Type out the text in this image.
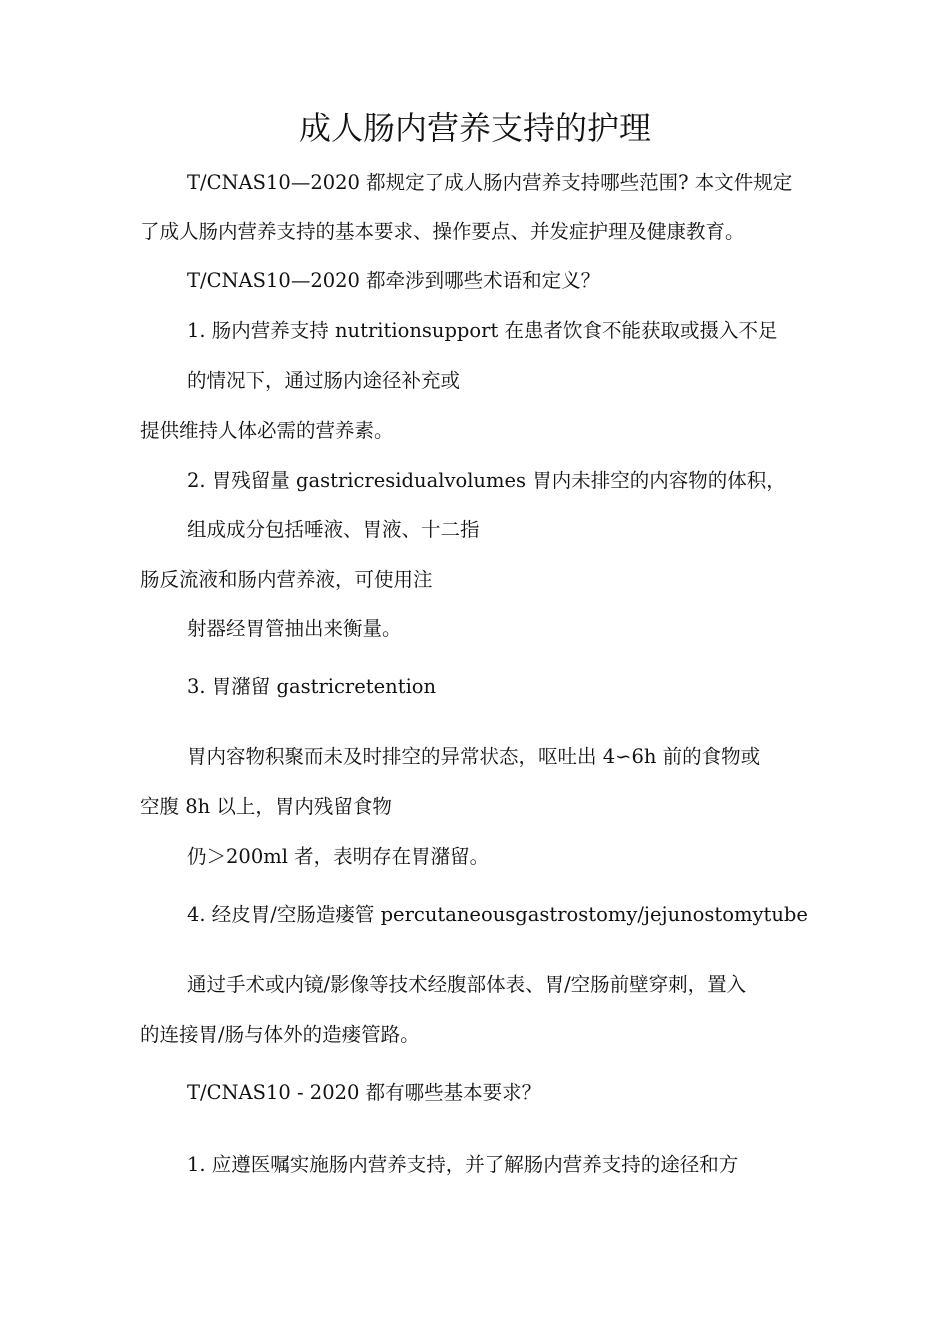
成人肠内营养支持的护理

T/CNAS10—2020 都规定了成人肠内营养支持哪些范围? 本文件规定

了成人肠内营养支持的基本要求、操作要点、并发症护理及健康教育。

T/CNAS10—2020 都牵涉到哪些术语和定义？

1. 肠内营养支持 nutritionsupport 在患者饮食不能获取或摄入不足

的情况下，通过肠内途径补充或

提供维持人体必需的营养素。

2. 胃残留量 gastricresidualvolumes 胃内未排空的内容物的体积，

组成成分包括唾液、胃液、十二指

肠反流液和肠内营养液，可使用注

射器经胃管抽出来衡量。

3. 胃潴留 gastricretention

胃内容物积聚而未及时排空的异常状态，呕吐出 4∽6h 前的食物或

空腹 8h 以上，胃内残留食物

仍＞200ml 者，表明存在胃潴留。

4. 经皮胃/空肠造瘘管 percutaneousgastrostomy/jejunostomytube

通过手术或内镜/影像等技术经腹部体表、胃/空肠前壁穿刺，置入

的连接胃/肠与体外的造瘘管路。

T/CNAS10 - 2020 都有哪些基本要求？

1. 应遵医嘱实施肠内营养支持，并了解肠内营养支持的途径和方
